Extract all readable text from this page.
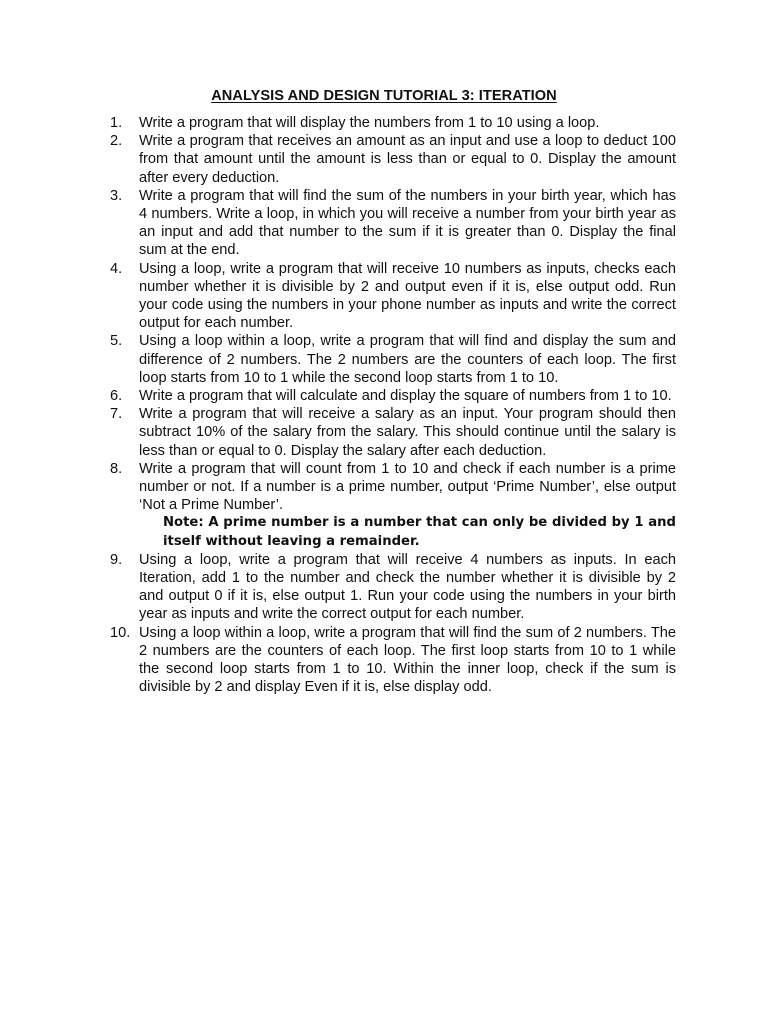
ANALYSIS AND DESIGN TUTORIAL 3: ITERATION
1.	Write a program that will display the numbers from 1 to 10 using a loop.
2.	Write a program that receives an amount as an input and use a loop to deduct 100 from that amount until the amount is less than or equal to 0. Display the amount after every deduction.
3.	Write a program that will find the sum of the numbers in your birth year, which has 4 numbers. Write a loop, in which you will receive a number from your birth year as an input and add that number to the sum if it is greater than 0. Display the final sum at the end.
4.	Using a loop, write a program that will receive 10 numbers as inputs, checks each number whether it is divisible by 2 and output even if it is, else output odd. Run your code using the numbers in your phone number as inputs and write the correct output for each number.
5.	Using a loop within a loop, write a program that will find and display the sum and difference of 2 numbers. The 2 numbers are the counters of each loop. The first loop starts from 10 to 1 while the second loop starts from 1 to 10.
6.	Write a program that will calculate and display the square of numbers from 1 to 10.
7.	Write a program that will receive a salary as an input. Your program should then subtract 10% of the salary from the salary. This should continue until the salary is less than or equal to 0. Display the salary after each deduction.
8.	Write a program that will count from 1 to 10 and check if each number is a prime number or not. If a number is a prime number, output ‘Prime Number’, else output ‘Not a Prime Number’.
Note: A prime number is a number that can only be divided by 1 and itself without leaving a remainder.
9.	Using a loop, write a program that will receive 4 numbers as inputs. In each Iteration, add 1 to the number and check the number whether it is divisible by 2 and output 0 if it is, else output 1. Run your code using the numbers in your birth year as inputs and write the correct output for each number.
10. Using a loop within a loop, write a program that will find the sum of 2 numbers. The 2 numbers are the counters of each loop. The first loop starts from 10 to 1 while the second loop starts from 1 to 10. Within the inner loop, check if the sum is divisible by 2 and display Even if it is, else display odd.
